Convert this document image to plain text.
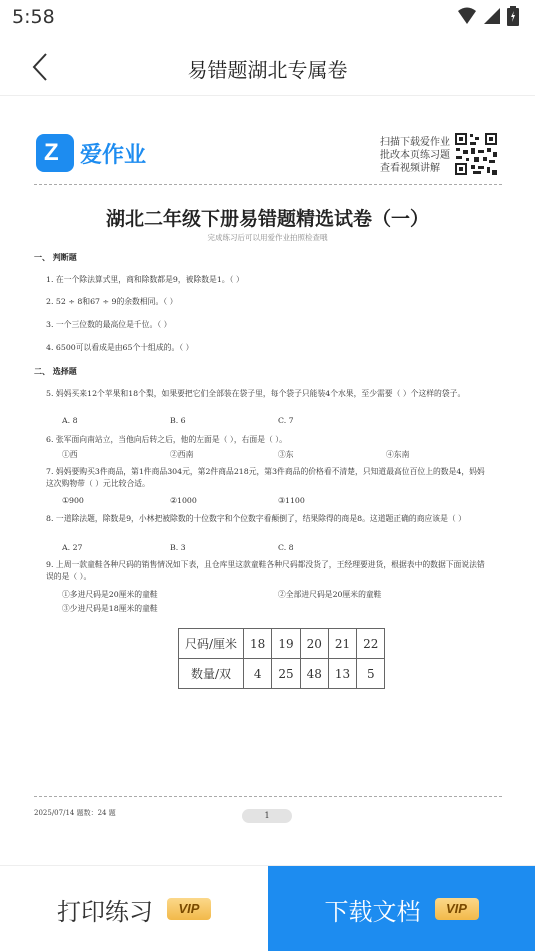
5:58
易错题湖北专属卷
Z 爱作业
扫描下载爱作业
批改本页练习题
查看视频讲解
湖北二年级下册易错题精选试卷（一）
完成练习后可以用爱作业拍照检查哦
一、 判断题
1. 在一个除法算式里，商和除数都是9，被除数是1。（ ）
2. 52 ÷ 8和67 ÷ 9的余数相同。（ ）
3. 一个三位数的最高位是千位。（ ）
4. 6500可以看成是由65个十组成的。（ ）
二、 选择题
5. 妈妈买来12个苹果和18个梨，如果要把它们全部装在袋子里，每个袋子只能装4个水果，至少需要（ ）个这样的袋子。
A. 8	B. 6	C. 7
6. 张军面向南站立，当他向后转之后，他的左面是（ ），右面是（ ）。
①西	②西南	③东	④东南
7. 妈妈要购买3件商品，第1件商品304元，第2件商品218元，第3件商品的价格看不清楚，只知道最高位百位上的数是4，妈妈这次购物带（ ）元比较合适。
①900	②1000	③1100
8. 一道除法题，除数是9，小林把被除数的十位数字和个位数字看颠倒了，结果除得的商是8。这道题正确的商应该是（ ）
A. 27	B. 3	C. 8
9. 上周一款童鞋各种尺码的销售情况如下表，且仓库里这款童鞋各种尺码都没货了，王经理要进货，根据表中的数据下面说法错误的是（ ）。
①多进尺码是20厘米的童鞋	②全部进尺码是20厘米的童鞋
③少进尺码是18厘米的童鞋
尺码/厘米	18	19	20	21	22
数量/双	4	25	48	13	5
2025/07/14 题数：24 题	1
打印练习	VIP	下载文档	VIP
